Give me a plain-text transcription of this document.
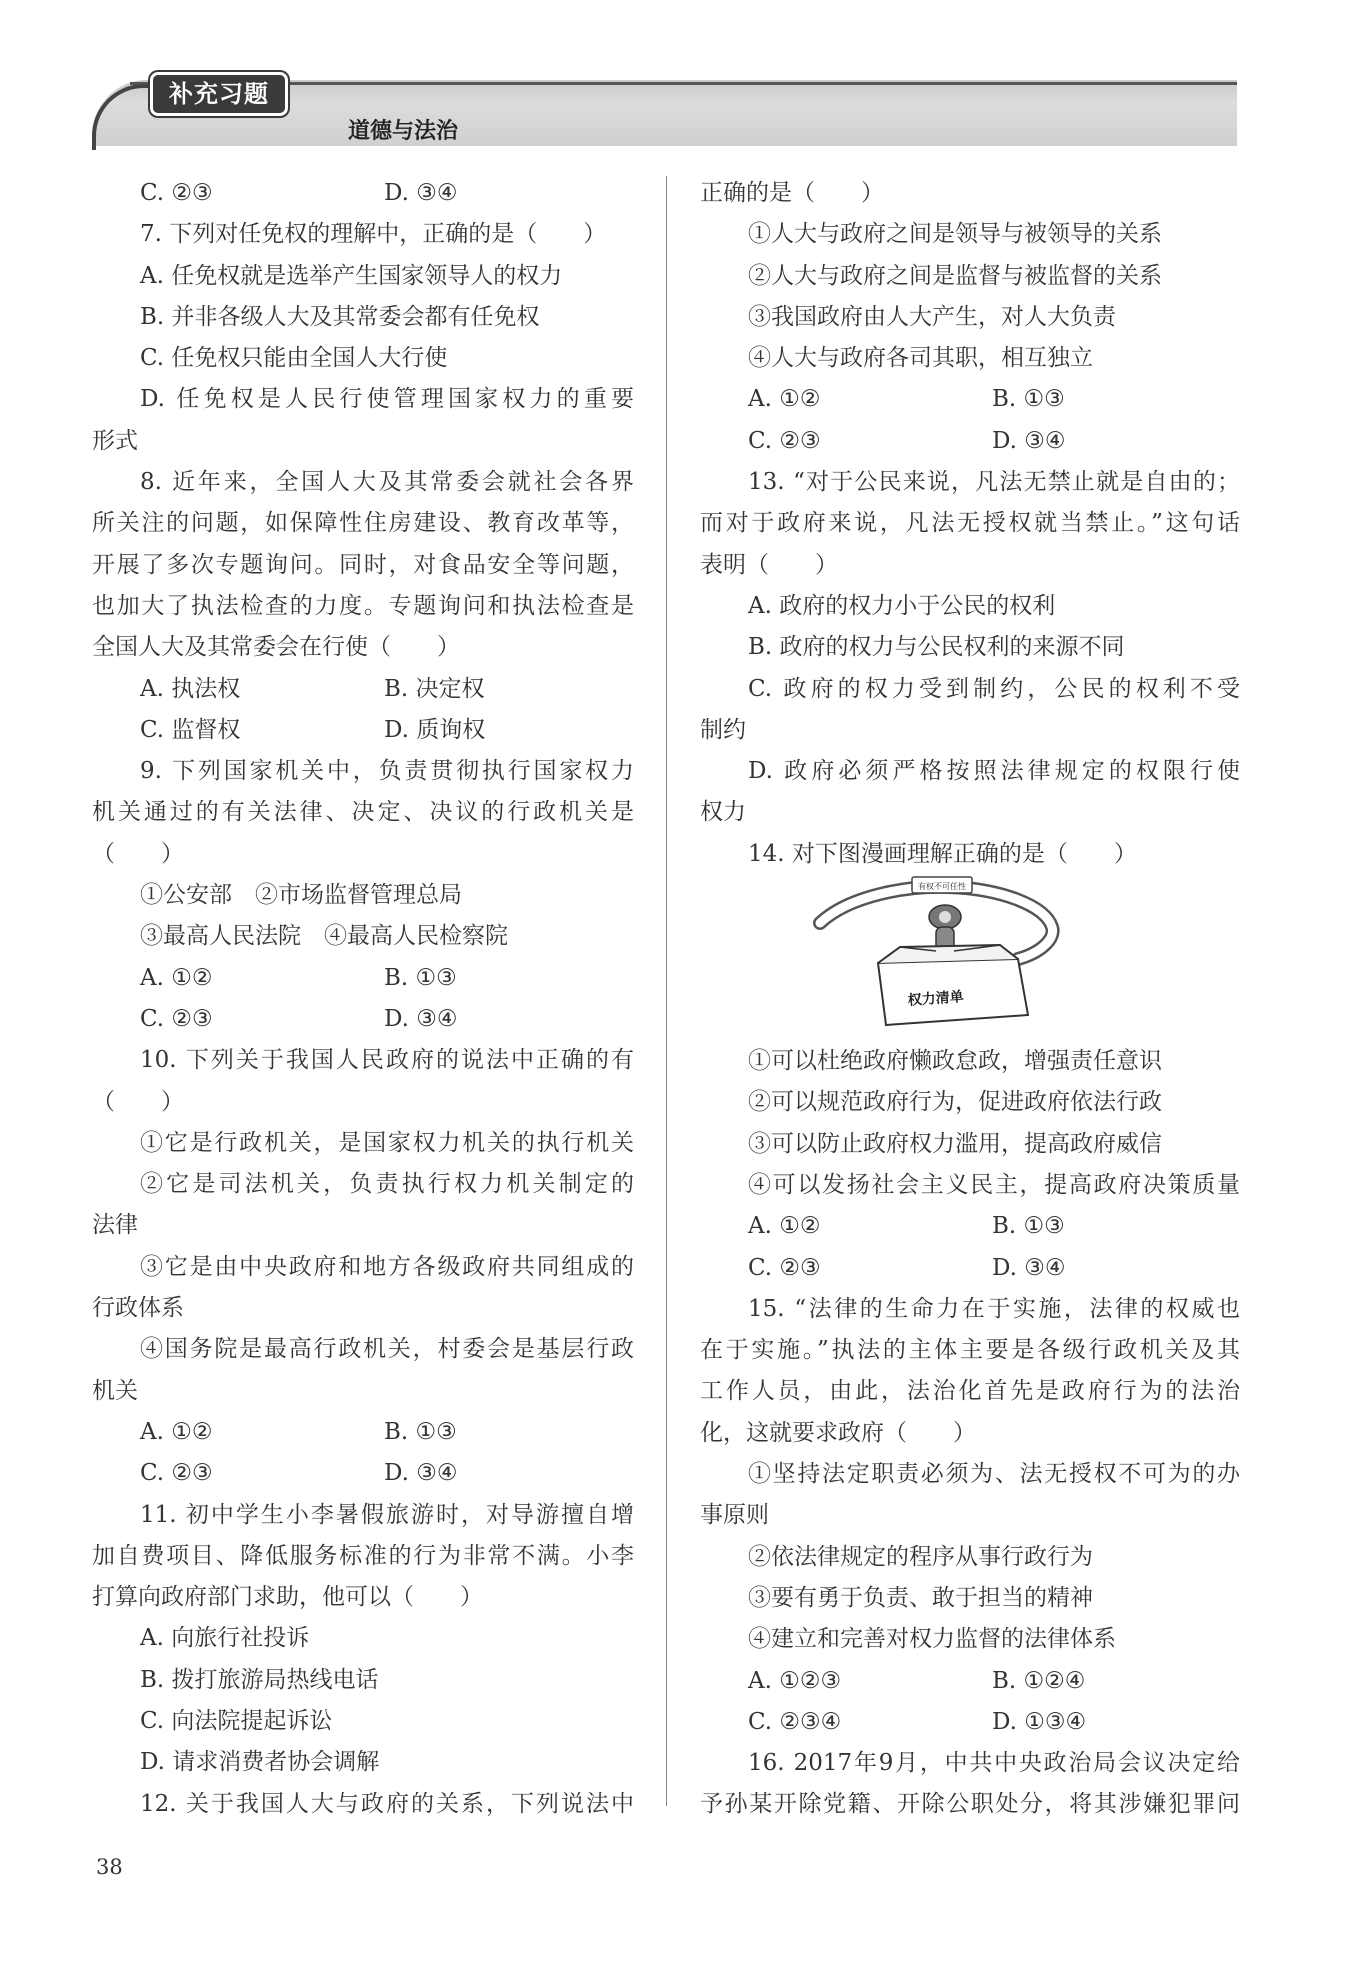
补充习题
道德与法治
C. ②③	D. ③④
7. 下列对任免权的理解中，正确的是（　　）
A. 任免权就是选举产生国家领导人的权力
B. 并非各级人大及其常委会都有任免权
C. 任免权只能由全国人大行使
D. 任免权是人民行使管理国家权力的重要
形式
8. 近年来，全国人大及其常委会就社会各界
所关注的问题，如保障性住房建设、教育改革等，
开展了多次专题询问。同时，对食品安全等问题，
也加大了执法检查的力度。专题询问和执法检查是
全国人大及其常委会在行使（　　）
A. 执法权	B. 决定权
C. 监督权	D. 质询权
9. 下列国家机关中，负责贯彻执行国家权力
机关通过的有关法律、决定、决议的行政机关是
（　　）
①公安部　②市场监督管理总局
③最高人民法院　④最高人民检察院
A. ①②	B. ①③
C. ②③	D. ③④
10. 下列关于我国人民政府的说法中正确的有
（　　）
①它是行政机关，是国家权力机关的执行机关
②它是司法机关，负责执行权力机关制定的
法律
③它是由中央政府和地方各级政府共同组成的
行政体系
④国务院是最高行政机关，村委会是基层行政
机关
A. ①②	B. ①③
C. ②③	D. ③④
11. 初中学生小李暑假旅游时，对导游擅自增
加自费项目、降低服务标准的行为非常不满。小李
打算向政府部门求助，他可以（　　）
A. 向旅行社投诉
B. 拨打旅游局热线电话
C. 向法院提起诉讼
D. 请求消费者协会调解
12. 关于我国人大与政府的关系，下列说法中
正确的是（　　）
①人大与政府之间是领导与被领导的关系
②人大与政府之间是监督与被监督的关系
③我国政府由人大产生，对人大负责
④人大与政府各司其职，相互独立
A. ①②	B. ①③
C. ②③	D. ③④
13. “对于公民来说，凡法无禁止就是自由的；
而对于政府来说，凡法无授权就当禁止。”这句话
表明（　　）
A. 政府的权力小于公民的权利
B. 政府的权力与公民权利的来源不同
C. 政府的权力受到制约，公民的权利不受
制约
D. 政府必须严格按照法律规定的权限行使
权力
14. 对下图漫画理解正确的是（　　）
有权不可任性
权力清单
①可以杜绝政府懒政怠政，增强责任意识
②可以规范政府行为，促进政府依法行政
③可以防止政府权力滥用，提高政府威信
④可以发扬社会主义民主，提高政府决策质量
A. ①②	B. ①③
C. ②③	D. ③④
15. “法律的生命力在于实施，法律的权威也
在于实施。”执法的主体主要是各级行政机关及其
工作人员，由此，法治化首先是政府行为的法治
化，这就要求政府（　　）
①坚持法定职责必须为、法无授权不可为的办
事原则
②依法律规定的程序从事行政行为
③要有勇于负责、敢于担当的精神
④建立和完善对权力监督的法律体系
A. ①②③	B. ①②④
C. ②③④	D. ①③④
16. 2017年9月，中共中央政治局会议决定给
予孙某开除党籍、开除公职处分，将其涉嫌犯罪问
38
